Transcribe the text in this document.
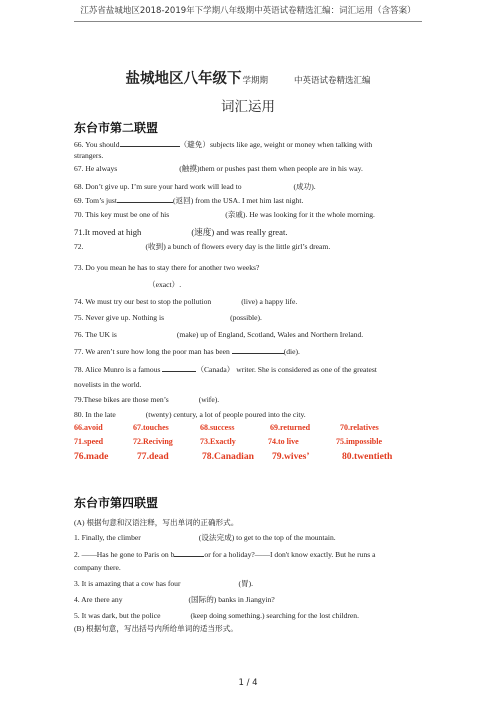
江苏省盐城地区2018-2019年下学期八年级期中英语试卷精选汇编：词汇运用（含答案）
盐城地区八年级下学期期	中英语试卷精选汇编
词汇运用
东台市第二联盟
66. You should	（避免）subjects like age, weight or money when talking with
strangers.
67. He always	(触摸)them or pushes past them when people are in his way.
68. Don’t give up. I’m sure your hard work will lead to	(成功).
69. Tom’s just	(返回) from the USA. I met him last night.
70. This key must be one of his	(亲戚). He was looking for it the whole morning.
71.It moved at high	(速度) and was really great.
72.	(收到) a bunch of flowers every day is the little girl’s dream.
73. Do you mean he has to stay there for another two weeks?
（exact）.
74. We must try our best to stop the pollution	(live) a happy life.
75. Never give up. Nothing is	(possible).
76. The UK is	(make) up of England, Scotland, Wales and Northern Ireland.
77. We aren’t sure how long the poor man has been	(die).
78. Alice Munro is a famous	（Canada） writer. She is considered as one of the greatest
novelists in the world.
79.These bikes are those men’s	(wife).
80. In the late	(twenty) century, a lot of people poured into the city.
66.avoid	67.touches	68.success	69.returned	70.relatives
71.speed	72.Reciving	73.Exactly	74.to live	75.impossible
76.made	77.dead	78.Canadian 79.wives’	80.twentieth
东台市第四联盟
(A) 根据句意和汉语注释，写出单词的正确形式。
1. Finally, the climber	(设法完成) to get to the top of the mountain.
2. ——Has he gone to Paris on b	or for a holiday?——I don't know exactly. But he runs a
company there.
3. It is amazing that a cow has four	(胃).
4. Are there any	(国际的) banks in Jiangyin?
5. It was dark, but the police	(keep doing something.) searching for the lost children.
(B) 根据句意，写出括号内所给单词的适当形式。
1 / 4
